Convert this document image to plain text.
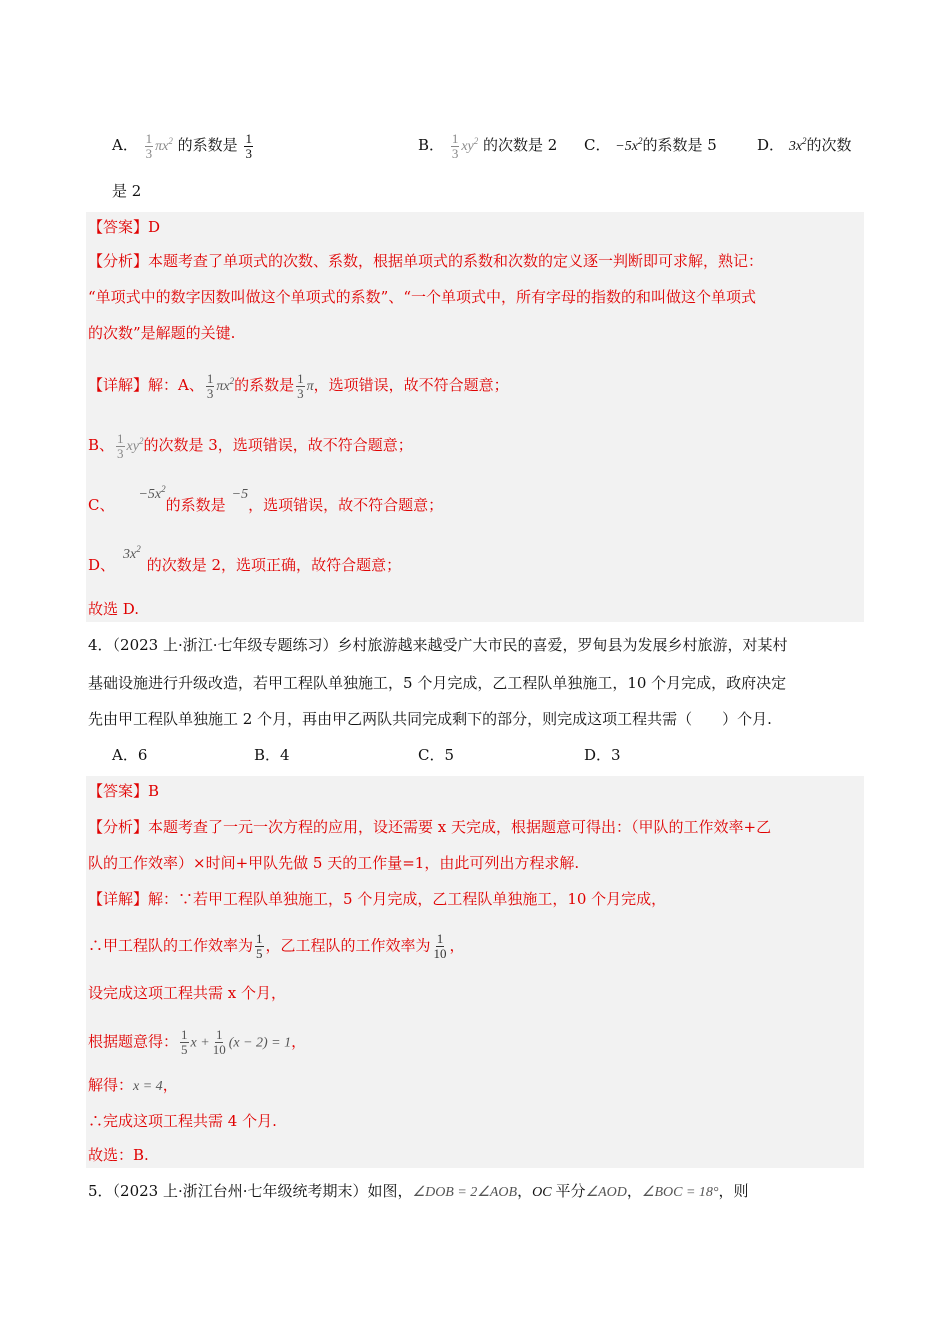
A． $\frac{1}{3} \pi x^2$ 的系数是 $\frac{1}{3}$	B． $\frac{1}{3} xy^2$ 的次数是 2 C． $-5x^2$的系数是 5	D． $3x^2$的次数
是 2
【答案】D
【分析】本题考查了单项式的次数、系数，根据单项式的系数和次数的定义逐一判断即可求解，熟记：
“单项式中的数字因数叫做这个单项式的系数”、“一个单项式中，所有字母的指数的和叫做这个单项式
的次数”是解题的关键.
【详解】解：A、 $\frac{1}{3} \pi x^2$的系数是 $\frac{1}{3}$ π，选项错误，故不符合题意；
B、 $\frac{1}{3} xy^2$的次数是 3，选项错误，故不符合题意；
C、$-5x^2$的系数是−5，选项错误，故不符合题意；
D、$3x^2$的次数是 2，选项正确，故符合题意；
故选 D.
4．（2023 上·浙江·七年级专题练习）乡村旅游越来越受广大市民的喜爱，罗甸县为发展乡村旅游，对某村
基础设施进行升级改造，若甲工程队单独施工，5 个月完成，乙工程队单独施工，10 个月完成，政府决定
先由甲工程队单独施工 2 个月，再由甲乙两队共同完成剩下的部分，则完成这项工程共需（　　）个月.
A．6	B．4	C．5	D．3
【答案】B
【分析】本题考查了一元一次方程的应用，设还需要 x 天完成，根据题意可得出：（甲队的工作效率+乙
队的工作效率）×时间+甲队先做 5 天的工作量=1，由此可列出方程求解.
【详解】解：∵若甲工程队单独施工，5 个月完成，乙工程队单独施工，10 个月完成，
∴甲工程队的工作效率为 $\frac{1}{5}$ ，乙工程队的工作效率为 $\frac{1}{10}$ ，
设完成这项工程共需 x 个月，
根据题意得： $\frac{1}{5}$ $x + \frac{1}{10} (x - 2) = 1$，
解得：x = 4，
∴完成这项工程共需 4 个月.
故选：B.
5．（2023 上·浙江台州·七年级统考期末）如图，∠DOB = 2∠AOB，OC 平分∠AOD，∠BOC = 18°，则
